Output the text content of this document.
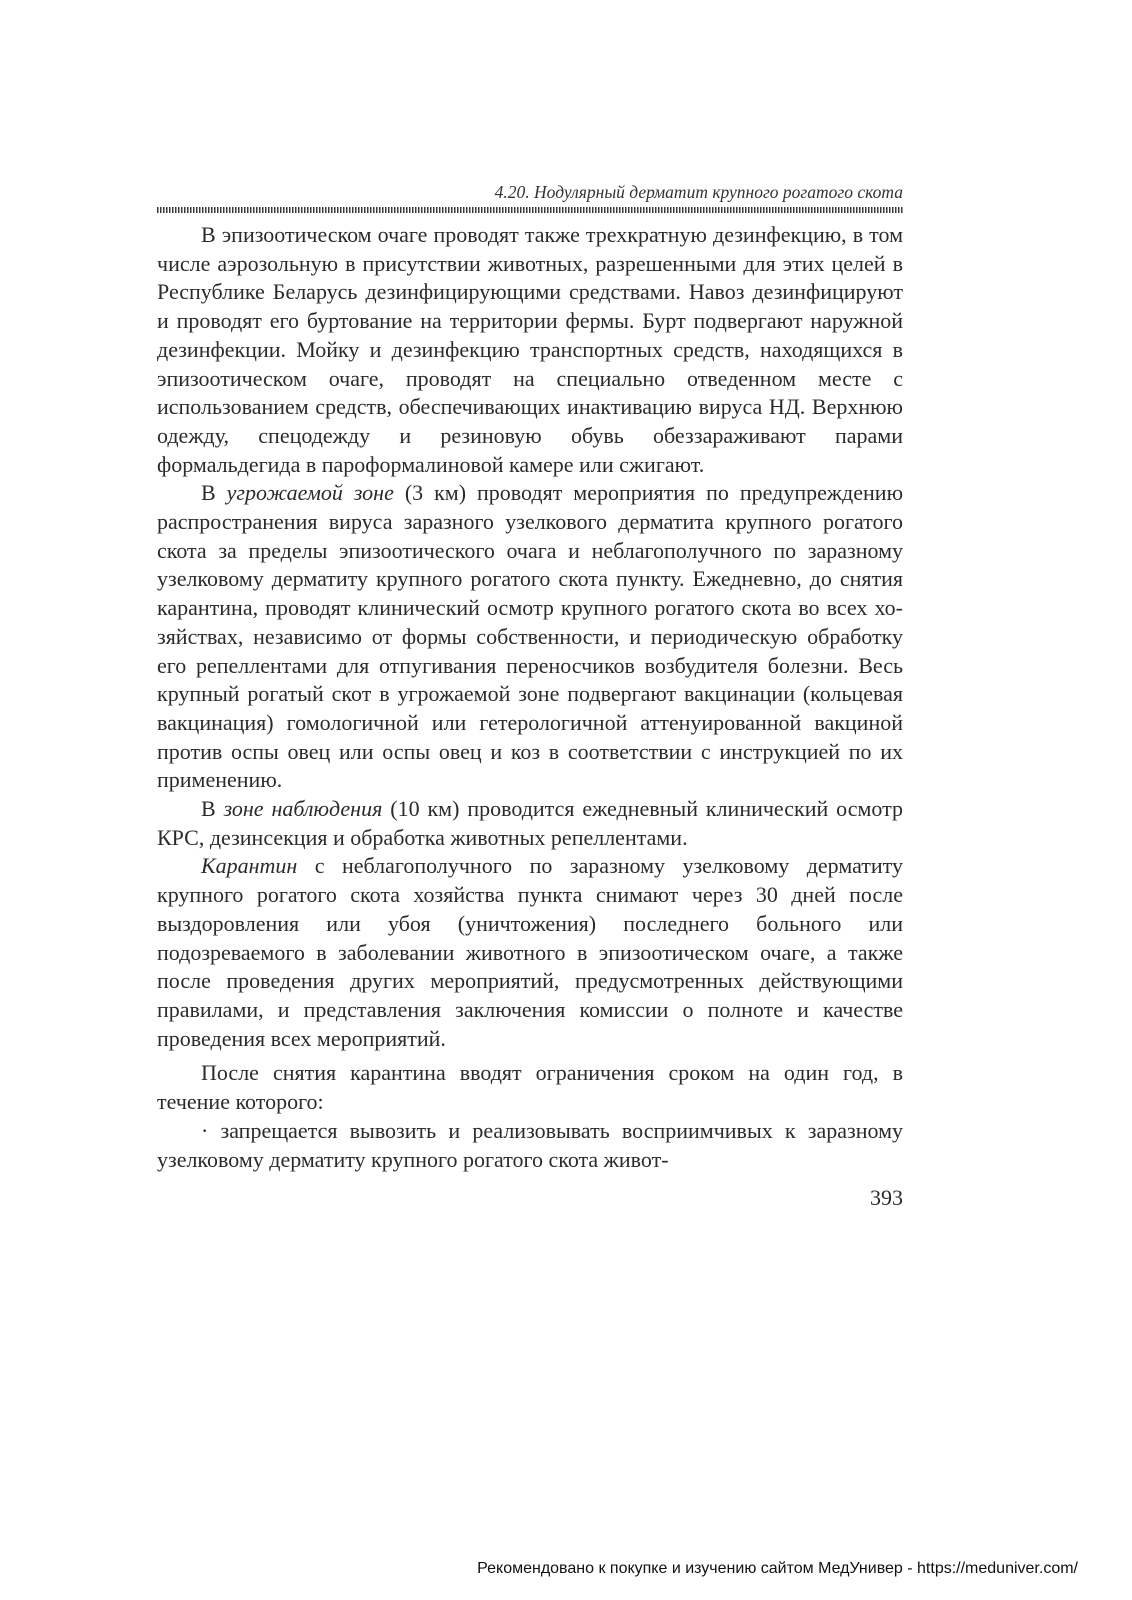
4.20. Нодулярный дерматит крупного рогатого скота

В эпизоотическом очаге проводят также трехкратную дезинфекцию, в том числе аэрозольную в присутствии животных, разрешенными для этих целей в Республике Беларусь дезинфицирующими средствами. Навоз дезинфицируют и проводят его буртование на территории фермы. Бурт подвергают наружной дезинфекции. Мойку и дезинфекцию транспортных средств, находящихся в эпизоотическом очаге, проводят на специально отведенном месте с использованием средств, обеспечивающих инактивацию вируса НД. Верхнюю одежду, спецодежду и резиновую обувь обеззараживают парами формальдегида в пароформалиновой камере или сжигают.

В угрожаемой зоне (3 км) проводят мероприятия по предупреждению распространения вируса заразного узелкового дерматита крупного рогатого скота за пределы эпизоотического очага и неблагополучного по заразному узелковому дерматиту крупного рогатого скота пункту. Ежедневно, до снятия карантина, проводят клинический осмотр крупного рогатого скота во всех хозяйствах, независимо от формы собственности, и периодическую обработку его репеллентами для отпугивания переносчиков возбудителя болезни. Весь крупный рогатый скот в угрожаемой зоне подвергают вакцинации (кольцевая вакцинация) гомологичной или гетерологичной аттенуированной вакциной против оспы овец или оспы овец и коз в соответствии с инструкцией по их применению.

В зоне наблюдения (10 км) проводится ежедневный клинический осмотр КРС, дезинсекция и обработка животных репеллентами.

Карантин с неблагополучного по заразному узелковому дерматиту крупного рогатого скота хозяйства пункта снимают через 30 дней после выздоровления или убоя (уничтожения) последнего больного или подозреваемого в заболевании животного в эпизоотическом очаге, а также после проведения других мероприятий, предусмотренных действующими правилами, и представления заключения комиссии о полноте и качестве проведения всех мероприятий.

После снятия карантина вводят ограничения сроком на один год, в течение которого:

· запрещается вывозить и реализовывать восприимчивых к заразному узелковому дерматиту крупного рогатого скота живот-

393
Рекомендовано к покупке и изучению сайтом МедУнивер - https://meduniver.com/
